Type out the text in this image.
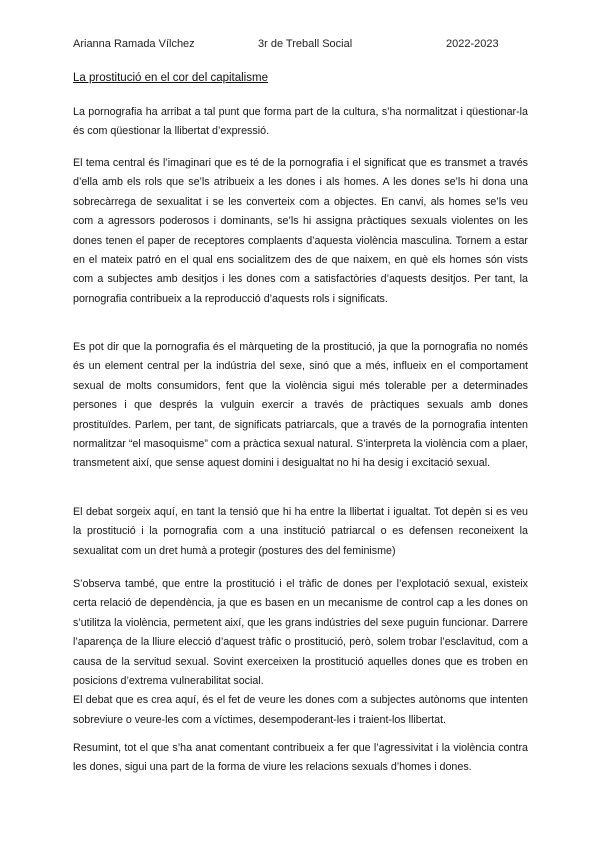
Arianna Ramada Vílchez	3r de Treball Social	2022-2023
La prostitució en el cor del capitalisme

La pornografia ha arribat a tal punt que forma part de la cultura, s’ha normalitzat i qüestionar-la és com qüestionar la llibertat d’expressió.

El tema central és l’imaginari que es té de la pornografia i el significat que es transmet a través d’ella amb els rols que se’ls atribueix a les dones i als homes. A les dones se’ls hi dona una sobrecàrrega de sexualitat i se les converteix com a objectes. En canvi, als homes se’ls veu com a agressors poderosos i dominants, se’ls hi assigna pràctiques sexuals violentes on les dones tenen el paper de receptores complaents d’aquesta violència masculina. Tornem a estar en el mateix patró en el qual ens socialitzem des de que naixem, en què els homes són vists com a subjectes amb desitjos i les dones com a satisfactòries d’aquests desitjos. Per tant, la pornografia contribueix a la reproducció d’aquests rols i significats.

Es pot dir que la pornografia és el màrqueting de la prostitució, ja que la pornografia no només és un element central per la indústria del sexe, sinó que a més, influeix en el comportament sexual de molts consumidors, fent que la violència sigui més tolerable per a determinades persones i que després la vulguin exercir a través de pràctiques sexuals amb dones prostituïdes. Parlem, per tant, de significats patriarcals, que a través de la pornografia intenten normalitzar “el masoquisme” com a pràctica sexual natural. S’interpreta la violència com a plaer, transmetent així, que sense aquest domini i desigualtat no hi ha desig i excitació sexual.

El debat sorgeix aquí, en tant la tensió que hi ha entre la llibertat i igualtat. Tot depèn si es veu la prostitució i la pornografia com a una institució patriarcal o es defensen reconeixent la sexualitat com un dret humà a protegir (postures des del feminisme)

S’observa també, que entre la prostitució i el tràfic de dones per l’explotació sexual, existeix certa relació de dependència, ja que es basen en un mecanisme de control cap a les dones on s’utilitza la violència, permetent així, que les grans indústries del sexe puguin funcionar. Darrere l’aparença de la lliure elecció d’aquest tràfic o prostitució, però, solem trobar l’esclavitud, com a causa de la servitud sexual. Sovint exerceixen la prostitució aquelles dones que es troben en posicions d’extrema vulnerabilitat social.
El debat que es crea aquí, és el fet de veure les dones com a subjectes autònoms que intenten sobreviure o veure-les com a víctimes, desempoderant-les i traient-los llibertat.

Resumint, tot el que s’ha anat comentant contribueix a fer que l’agressivitat i la violència contra les dones, sigui una part de la forma de viure les relacions sexuals d’homes i dones.
